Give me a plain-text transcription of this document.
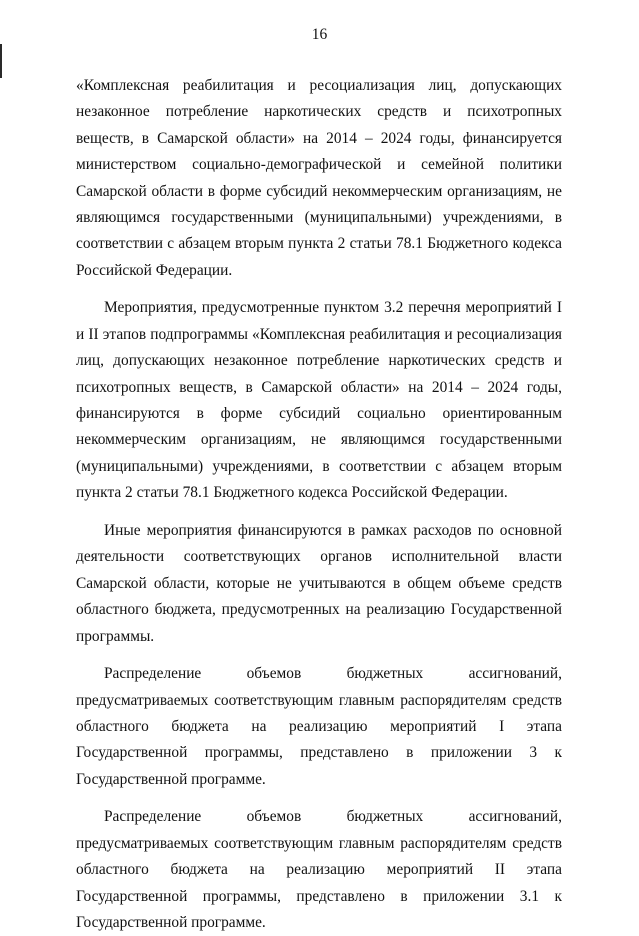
16

«Комплексная реабилитация и ресоциализация лиц, допускающих незаконное потребление наркотических средств и психотропных веществ, в Самарской области» на 2014 – 2024 годы, финансируется министерством социально-демографической и семейной политики Самарской области в форме субсидий некоммерческим организациям, не являющимся государственными (муниципальными) учреждениями, в соответствии с абзацем вторым пункта 2 статьи 78.1 Бюджетного кодекса Российской Федерации.

Мероприятия, предусмотренные пунктом 3.2 перечня мероприятий I и II этапов подпрограммы «Комплексная реабилитация и ресоциализация лиц, допускающих незаконное потребление наркотических средств и психотропных веществ, в Самарской области» на 2014 – 2024 годы, финансируются в форме субсидий социально ориентированным некоммерческим организациям, не являющимся государственными (муниципальными) учреждениями, в соответствии с абзацем вторым пункта 2 статьи 78.1 Бюджетного кодекса Российской Федерации.

Иные мероприятия финансируются в рамках расходов по основной деятельности соответствующих органов исполнительной власти Самарской области, которые не учитываются в общем объеме средств областного бюджета, предусмотренных на реализацию Государственной программы.

Распределение объемов бюджетных ассигнований, предусматриваемых соответствующим главным распорядителям средств областного бюджета на реализацию мероприятий I этапа Государственной программы, представлено в приложении 3 к Государственной программе.

Распределение объемов бюджетных ассигнований, предусматриваемых соответствующим главным распорядителям средств областного бюджета на реализацию мероприятий II этапа Государственной программы, представлено в приложении 3.1 к Государственной программе.
